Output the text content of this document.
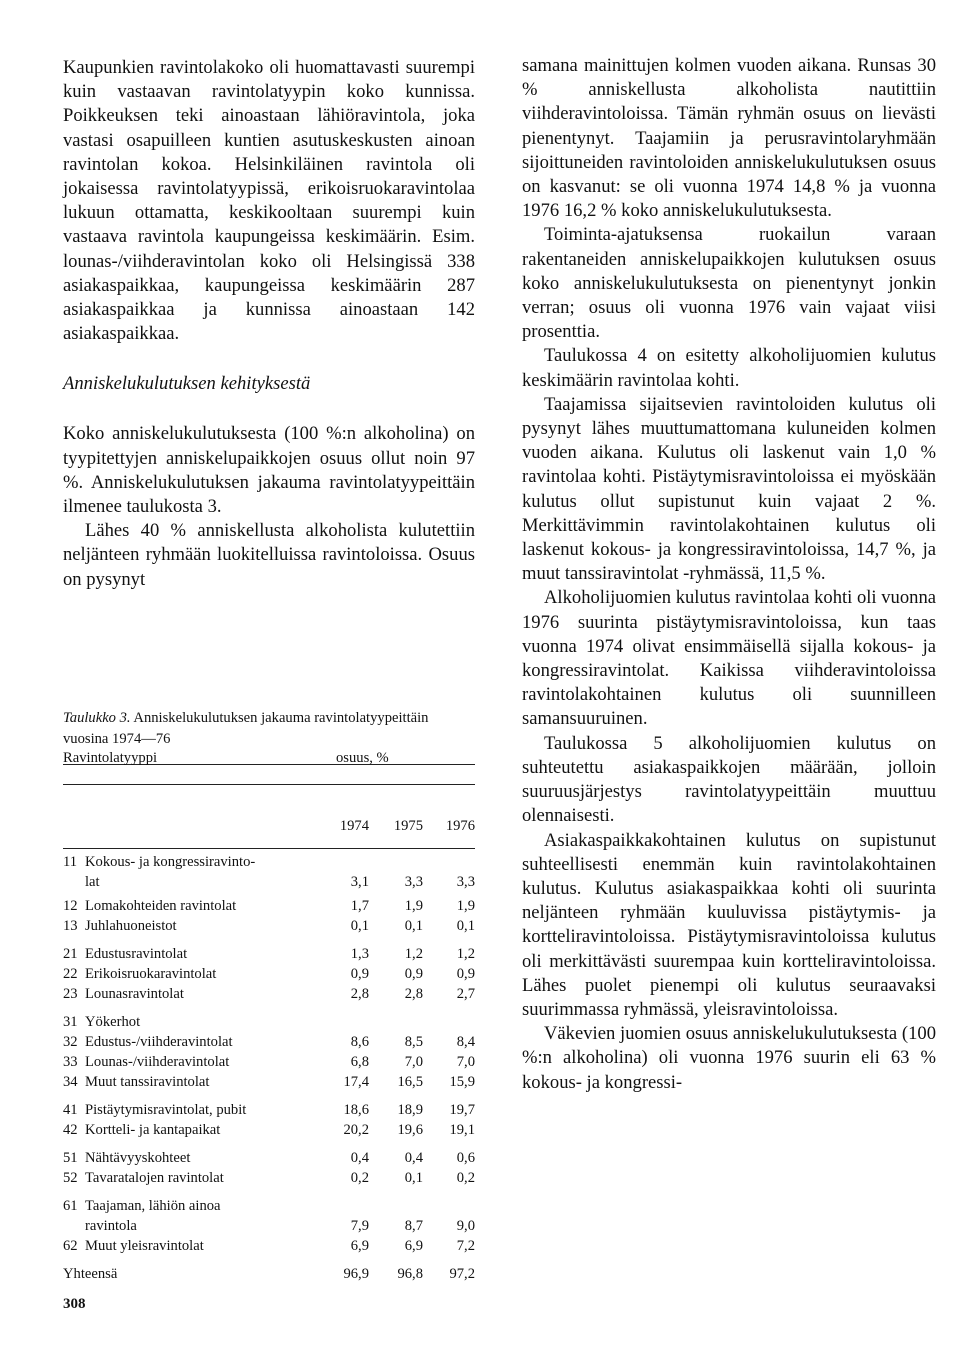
Kaupunkien ravintolakoko oli huomattavasti suurempi kuin vastaavan ravintolatyypin koko kunnissa. Poikkeuksen teki ainoastaan lähiöravintola, joka vastasi osapuilleen kuntien asutuskeskusten ainoan ravintolan kokoa. Helsinkiläinen ravintola oli jokaisessa ravintolatyypissä, erikoisruokaravintolaa lukuun ottamatta, keskikooltaan suurempi kuin vastaava ravintola kaupungeissa keskimäärin. Esim. lounas-/viihderavintolan koko oli Helsingissä 338 asiakaspaikkaa, kaupungeissa keskimäärin 287 asiakaspaikkaa ja kunnissa ainoastaan 142 asiakaspaikkaa.

Anniskelukulutuksen kehityksestä

Koko anniskelukulutuksesta (100 %:n alkoholina) on tyypitettyjen anniskelupaikkojen osuus ollut noin 97 %. Anniskelukulutuksen jakauma ravintolatyypeittäin ilmenee taulukosta 3.

Lähes 40 % anniskellusta alkoholista kulutettiin neljänteen ryhmään luokitelluissa ravintoloissa. Osuus on pysynyt

Taulukko 3. Anniskelukulutuksen jakauma ravintolatyypeittäin vuosina 1974—76
Ravintolatyyppi	osuus, %
1974	1975	1976
11 Kokous- ja kongressiravinto-
lat	3,1	3,3	3,3
12 Lomakohteiden ravintolat	1,7	1,9	1,9
13 Juhlahuoneistot	0,1	0,1	0,1
21 Edustusravintolat	1,3	1,2	1,2
22 Erikoisruokaravintolat	0,9	0,9	0,9
23 Lounasravintolat	2,8	2,8	2,7
31 Yökerhot
32 Edustus-/viihderavintolat	8,6	8,5	8,4
33 Lounas-/viihderavintolat	6,8	7,0	7,0
34 Muut tanssiravintolat	17,4	16,5	15,9
41 Pistäytymisravintolat, pubit	18,6	18,9	19,7
42 Kortteli- ja kantapaikat	20,2	19,6	19,1
51 Nähtävyyskohteet	0,4	0,4	0,6
52 Tavaratalojen ravintolat	0,2	0,1	0,2
61 Taajaman, lähiön ainoa
ravintola	7,9	8,7	9,0
62 Muut yleisravintolat	6,9	6,9	7,2
Yhteensä	96,9	96,8	97,2
308

samana mainittujen kolmen vuoden aikana. Runsas 30 % anniskellusta alkoholista nautittiin viihderavintoloissa. Tämän ryhmän osuus on lievästi pienentynyt. Taajamiin ja perusravintolaryhmään sijoittuneiden ravintoloiden anniskelukulutuksen osuus on kasvanut: se oli vuonna 1974 14,8 % ja vuonna 1976 16,2 % koko anniskelukulutuksesta.

Toiminta-ajatuksensa ruokailun varaan rakentaneiden anniskelupaikkojen kulutuksen osuus koko anniskelukulutuksesta on pienentynyt jonkin verran; osuus oli vuonna 1976 vain vajaat viisi prosenttia.

Taulukossa 4 on esitetty alkoholijuomien kulutus keskimäärin ravintolaa kohti.

Taajamissa sijaitsevien ravintoloiden kulutus oli pysynyt lähes muuttumattomana kuluneiden kolmen vuoden aikana. Kulutus oli laskenut vain 1,0 % ravintolaa kohti. Pistäytymisravintoloissa ei myöskään kulutus ollut supistunut kuin vajaat 2 %. Merkittävimmin ravintolakohtainen kulutus oli laskenut kokous- ja kongressiravintoloissa, 14,7 %, ja muut tanssiravintolat -ryhmässä, 11,5 %.

Alkoholijuomien kulutus ravintolaa kohti oli vuonna 1976 suurinta pistäytymisravintoloissa, kun taas vuonna 1974 olivat ensimmäisellä sijalla kokous- ja kongressiravintolat. Kaikissa viihderavintoloissa ravintolakohtainen kulutus oli suunnilleen samansuuruinen.

Taulukossa 5 alkoholijuomien kulutus on suhteutettu asiakaspaikkojen määrään, jolloin suuruusjärjestys ravintolatyypeittäin muuttuu olennaisesti.

Asiakaspaikkakohtainen kulutus on supistunut suhteellisesti enemmän kuin ravintolakohtainen kulutus. Kulutus asiakaspaikkaa kohti oli suurinta neljänteen ryhmään kuuluvissa pistäytymis- ja kortteliravintoloissa. Pistäytymisravintoloissa kulutus oli merkittävästi suurempaa kuin kortteliravintoloissa. Lähes puolet pienempi oli kulutus seuraavaksi suurimmassa ryhmässä, yleisravintoloissa.

Väkevien juomien osuus anniskelukulutuksesta (100 %:n alkoholina) oli vuonna 1976 suurin eli 63 % kokous- ja kongressi-
